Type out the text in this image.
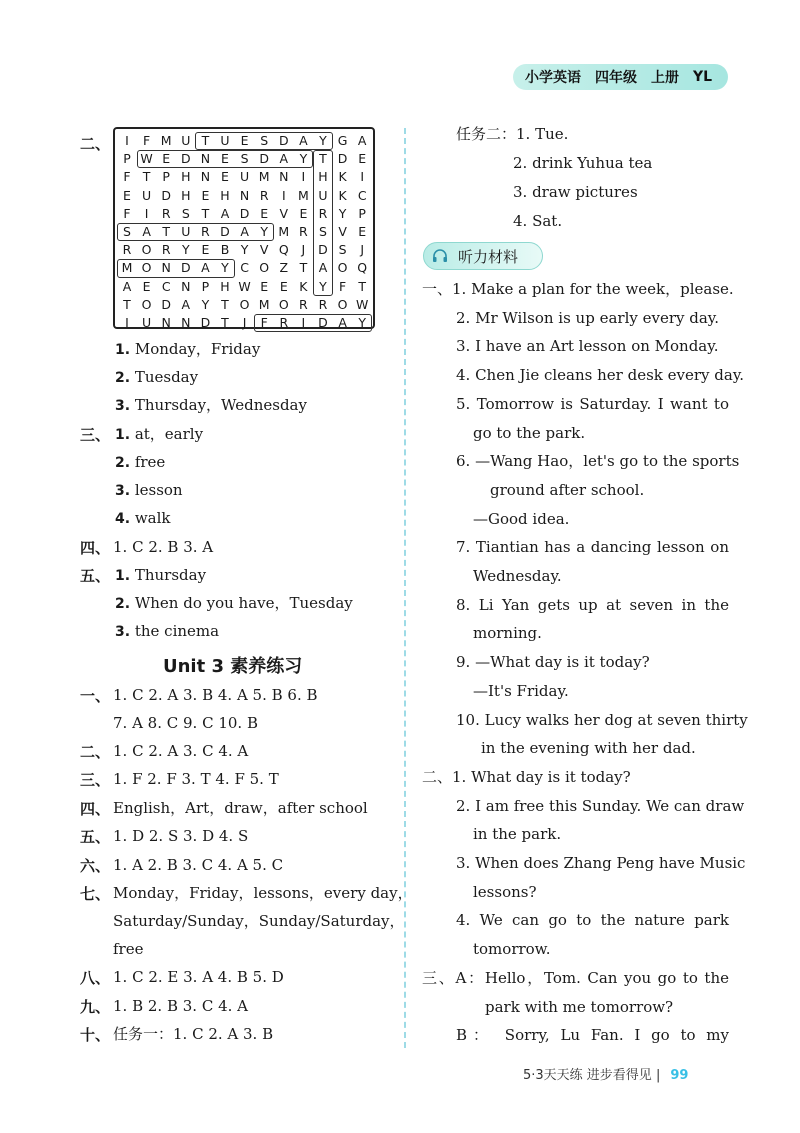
小学英语 四年级 上册 YL
二、	I	F M U T U E S D A Y G A
P W E D N E S D A Y T D E
F T P H N E U M N	I	H K	I
E U D H E H N R	I M U K C
F	I	R S T A D E V E R Y P
S A T U R D A Y M R S V E
R O R Y E B Y V Q	J	D S	J
M O N D A Y C O Z T A O Q
A E C N P H W E E K Y F T
T O D A Y T O M O R R O W
I	U N N D T	J	F R	I	D A Y
1. Monday，Friday
2. Tuesday
3. Thursday，Wednesday
三、 1. at，early
2. free
3. lesson
4. walk
四、 1. C 2. B 3. A
五、 1. Thursday
2. When do you have，Tuesday
3. the cinema
Unit 3 素养练习
一、 1. C 2. A 3. B 4. A 5. B 6. B
7. A 8. C 9. C 10. B
二、 1. C 2. A 3. C 4. A
三、 1. F 2. F 3. T 4. F 5. T
四、 English，Art，draw，after school
五、 1. D 2. S 3. D 4. S
六、 1. A 2. B 3. C 4. A 5. C
七、 Monday，Friday，lessons，every day，
Saturday/Sunday，Sunday/Saturday，
free
八、 1. C 2. E 3. A 4. B 5. D
九、 1. B 2. B 3. C 4. A
十、 任务一：1. C 2. A 3. B
任务二：1. Tue.
2. drink Yuhua tea
3. draw pictures
4. Sat.
听力材料
一、1. Make a plan for the week，please.
2. Mr Wilson is up early every day.
3. I have an Art lesson on Monday.
4. Chen Jie cleans her desk every day.
5. Tomorrow is Saturday. I want to
go to the park.
6. —Wang Hao，let's go to the sports
ground after school.
—Good idea.
7. Tiantian has a dancing lesson on
Wednesday.
8. Li Yan gets up at seven in the
morning.
9. —What day is it today?
—It's Friday.
10. Lucy walks her dog at seven thirty
in the evening with her dad.
二、1. What day is it today?
2. I am free this Sunday. We can draw
in the park.
3. When does Zhang Peng have Music
lessons?
4. We can go to the nature park
tomorrow.
三、A：Hello，Tom. Can you go to the
park with me tomorrow?
B： Sorry, Lu Fan. I go to my
5·3天天练 进步看得见 | 99
